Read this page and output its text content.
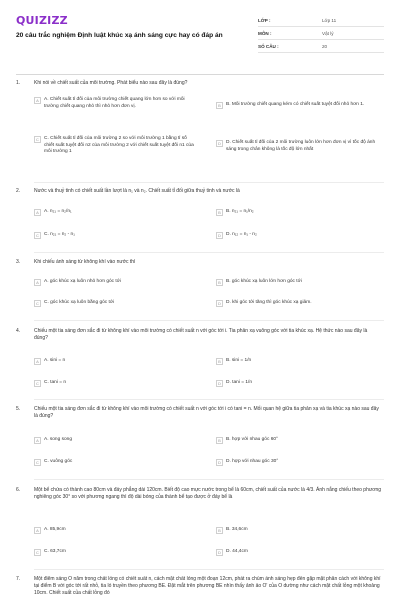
QUIZIZZ
20 câu trắc nghiệm Định luật khúc xạ ánh sáng cực hay có đáp án
LỚP :	Lớp 11
MÔN :	Vật lý
SỐ CÂU :	20
1.	Khi nói về chiết suất của môi trường. Phát biểu nào sau đây là đúng?
A	A. Chiết suất tỉ đối của môi trường chiết quang lớn hơn so với môi trường chiết quang nhỏ thì nhỏ hơn đơn vị.	B	B. Môi trường chiết quang kém có chiết suất tuyệt đối nhỏ hơn 1.
C	C. Chiết suất tỉ đối của môi trường 2 so với môi trường 1 bằng tỉ số chiết suất tuyệt đối n2 của môi trường 2 với chiết suất tuyệt đối n1 của môi trường 1
D	D. Chiết suất tỉ đối của 2 môi trường luôn lớn hơn đơn vị vì tốc độ ánh sáng trong chân không là tốc độ lớn nhất
2.	Nước và thuỷ tinh có chiết suất lần lượt là n₁ và n₂. Chiết suất tỉ đối giữa thuỷ tinh và nước là
A	A. n₂₁ = n₂/n₁	B	B. n₂₁ = n₁/n₂
C	C. n₂₁ = n₂ - n₁	D	D. n₁₂ = n₁ - n₂
3.	Khi chiếu ánh sáng từ không khí vào nước thì
A	A. góc khúc xạ luôn nhỏ hơn góc tới	B	B. góc khúc xạ luôn lớn hơn góc tới
C	C. góc khúc xạ luôn bằng góc tới	D	D. khi góc tới tăng thì góc khúc xạ giảm.
4.	Chiếu một tia sáng đơn sắc đi từ không khí vào môi trường có chiết suất n với góc tới i. Tia phản xạ vuông góc với tia khúc xạ. Hệ thức nào sau đây là đúng?
A	A. sini = n	B	B. sini = 1/n
C	C. tani = n	D	D. tani = 1/n
5.	Chiếu một tia sáng đơn sắc đi từ không khí vào môi trường có chiết suất n với góc tới i có tani = n. Mối quan hệ giữa tia phản xạ và tia khúc xạ nào sau đây là đúng?
A	A. song song	B	B. hợp với nhau góc 60°
C	C. vuông góc	D	D. hợp với nhau góc 30°
6.	Một bể chứa có thành cao 80cm và đáy phẳng dài 120cm. Biết độ cao mực nước trong bể là 60cm, chiết suất của nước là 4/3. Ánh nắng chiếu theo phương nghiêng góc 30° so với phương ngang thì độ dài bóng của thành bể tạo được ở đáy bể là
A	A. 85,9cm	B	B. 34,6cm
C	C. 63,7cm	D	D. 44,4cm
7.	Một điểm sáng O nằm trong chất lỏng có chiết suất n, cách mặt chất lỏng một đoạn 12cm, phát ra chùm ánh sáng hẹp đến gặp mặt phân cách với không khí tại điểm B với góc tới rất nhỏ, tia ló truyền theo phương BE. Đặt mắt trên phương BE nhìn thấy ảnh ảo O' của O dường như cách mặt chất lỏng một khoảng 10cm. Chiết suất của chất lỏng đó
